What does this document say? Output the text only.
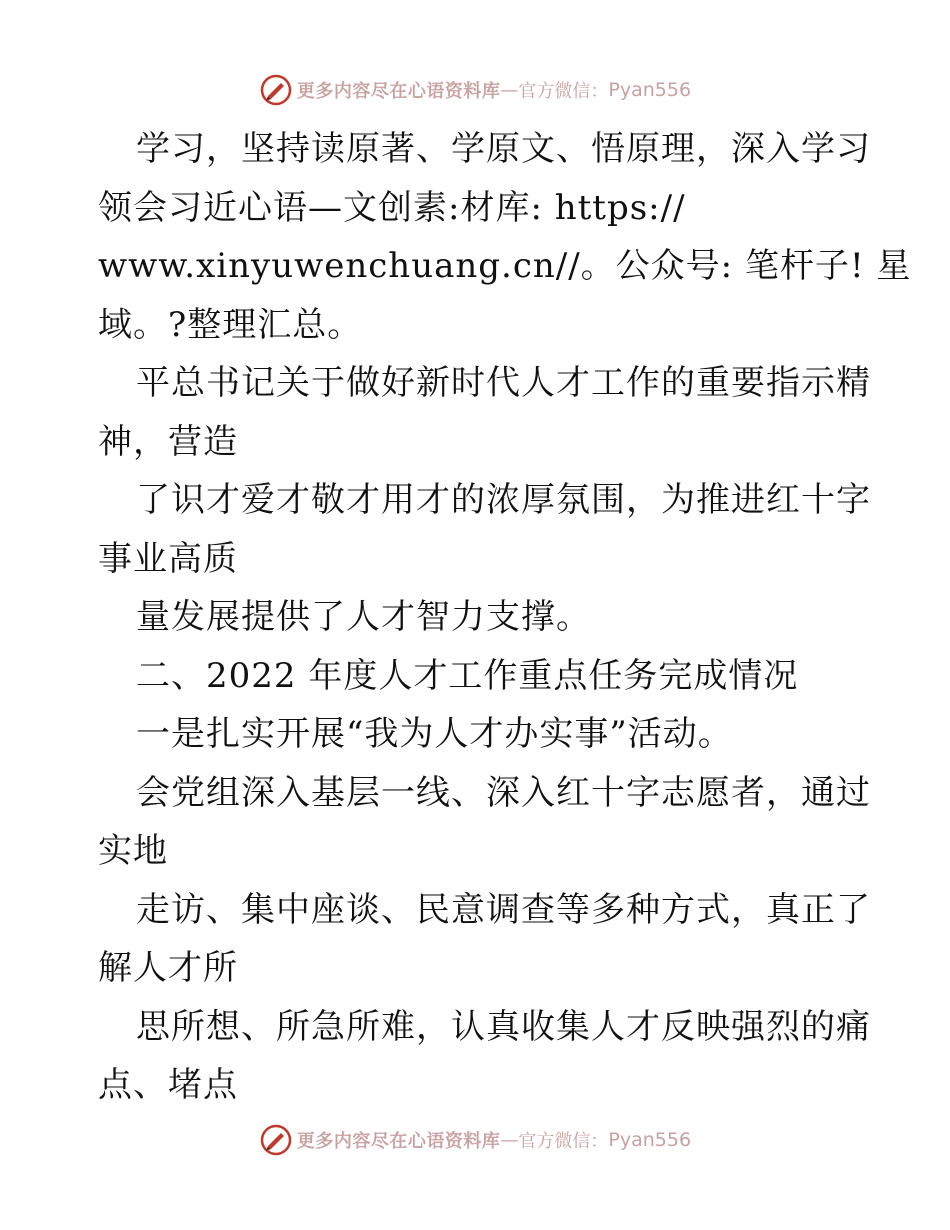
更多内容尽在心语资料库 — 官方微信： Pyan556
学习，坚持读原著、学原文、悟原理，深入学习
领会习近心语—文创素:材库: https://
www.xinyuwenchuang.cn//。公众号: 笔杆子! 星
域。?整理汇总。
平总书记关于做好新时代人才工作的重要指示精
神，营造
了识才爱才敬才用才的浓厚氛围，为推进红十字
事业高质
量发展提供了人才智力支撑。
二、2022 年度人才工作重点任务完成情况
一是扎实开展“我为人才办实事”活动。
会党组深入基层一线、深入红十字志愿者，通过
实地
走访、集中座谈、民意调查等多种方式，真正了
解人才所
思所想、所急所难，认真收集人才反映强烈的痛
点、堵点
更多内容尽在心语资料库 — 官方微信： Pyan556
